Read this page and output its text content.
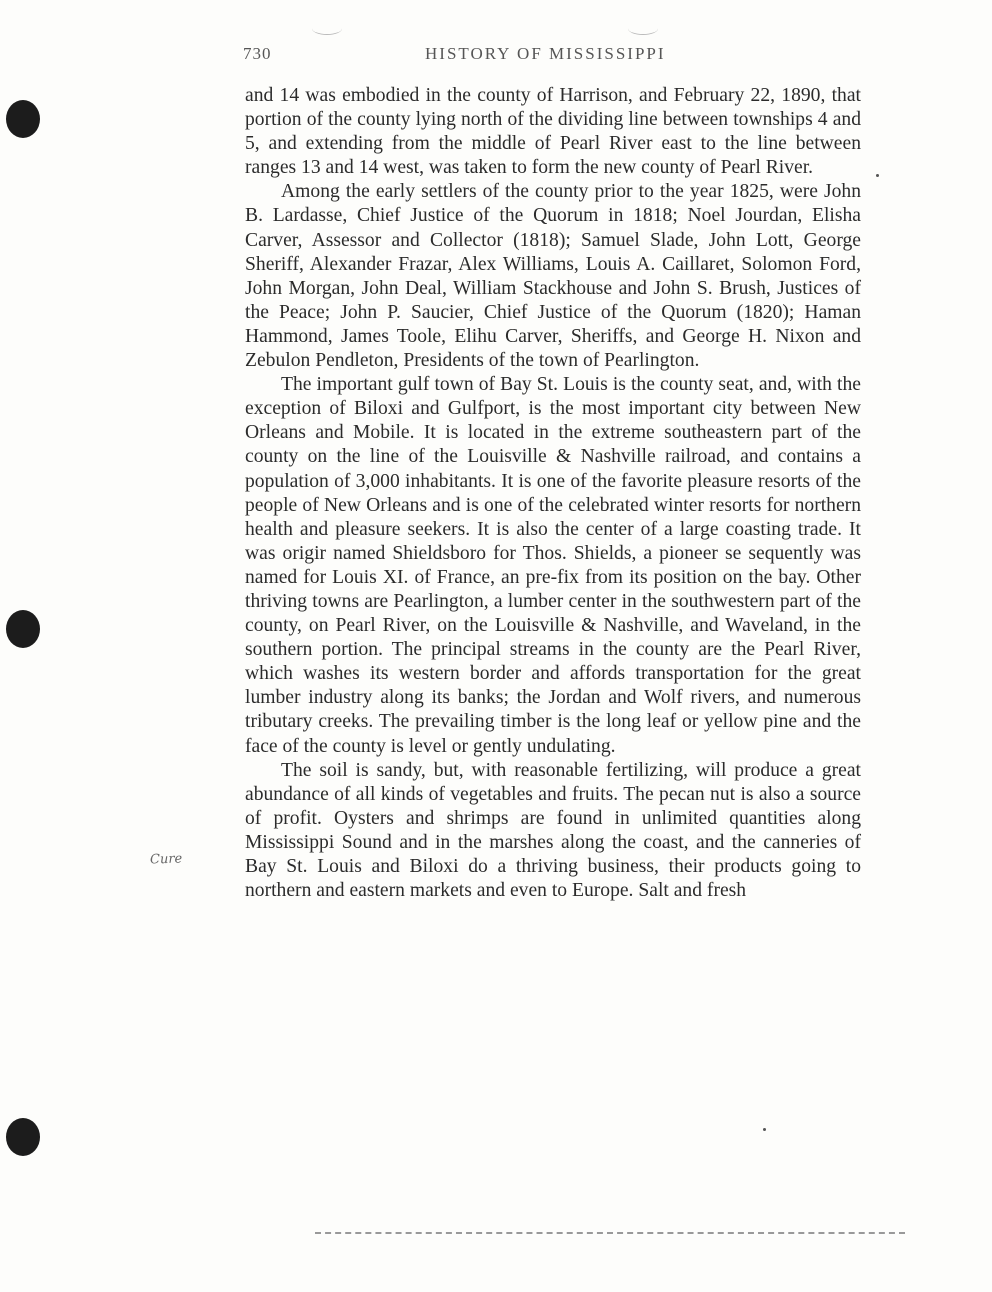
730	HISTORY OF MISSISSIPPI

and 14 was embodied in the county of Harrison, and February 22, 1890, that portion of the county lying north of the dividing line between townships 4 and 5, and extending from the middle of Pearl River east to the line between ranges 13 and 14 west, was taken to form the new county of Pearl River.

Among the early settlers of the county prior to the year 1825, were John B. Lardasse, Chief Justice of the Quorum in 1818; Noel Jourdan, Elisha Carver, Assessor and Collector (1818); Samuel Slade, John Lott, George Sheriff, Alexander Frazar, Alex Williams, Louis A. Caillaret, Solomon Ford, John Morgan, John Deal, William Stackhouse and John S. Brush, Justices of the Peace; John P. Saucier, Chief Justice of the Quorum (1820); Haman Hammond, James Toole, Elihu Carver, Sheriffs, and George H. Nixon and Zebulon Pendleton, Presidents of the town of Pearlington.

The important gulf town of Bay St. Louis is the county seat, and, with the exception of Biloxi and Gulfport, is the most important city between New Orleans and Mobile. It is located in the extreme southeastern part of the county on the line of the Louisville & Nashville railroad, and contains a population of 3,000 inhabitants. It is one of the favorite pleasure resorts of the people of New Orleans and is one of the celebrated winter resorts for northern health and pleasure seekers. It is also the center of a large coasting trade. It was origir named Shieldsboro for Thos. Shields, a pioneer se sequently was named for Louis XI. of France, an pre-fix from its position on the bay. Other thriving towns are Pearlington, a lumber center in the southwestern part of the county, on Pearl River, on the Louisville & Nashville, and Waveland, in the southern portion. The principal streams in the county are the Pearl River, which washes its western border and affords transportation for the great lumber industry along its banks; the Jordan and Wolf rivers, and numerous tributary creeks. The prevailing timber is the long leaf or yellow pine and the face of the county is level or gently undulating.

The soil is sandy, but, with reasonable fertilizing, will produce a great abundance of all kinds of vegetables and fruits. The pecan nut is also a source of profit. Oysters and shrimps are found in unlimited quantities along Mississippi Sound and in the marshes along the coast, and the canneries of Bay St. Louis and Biloxi do a thriving business, their products going to northern and eastern markets and even to Europe. Salt and fresh

Cure
